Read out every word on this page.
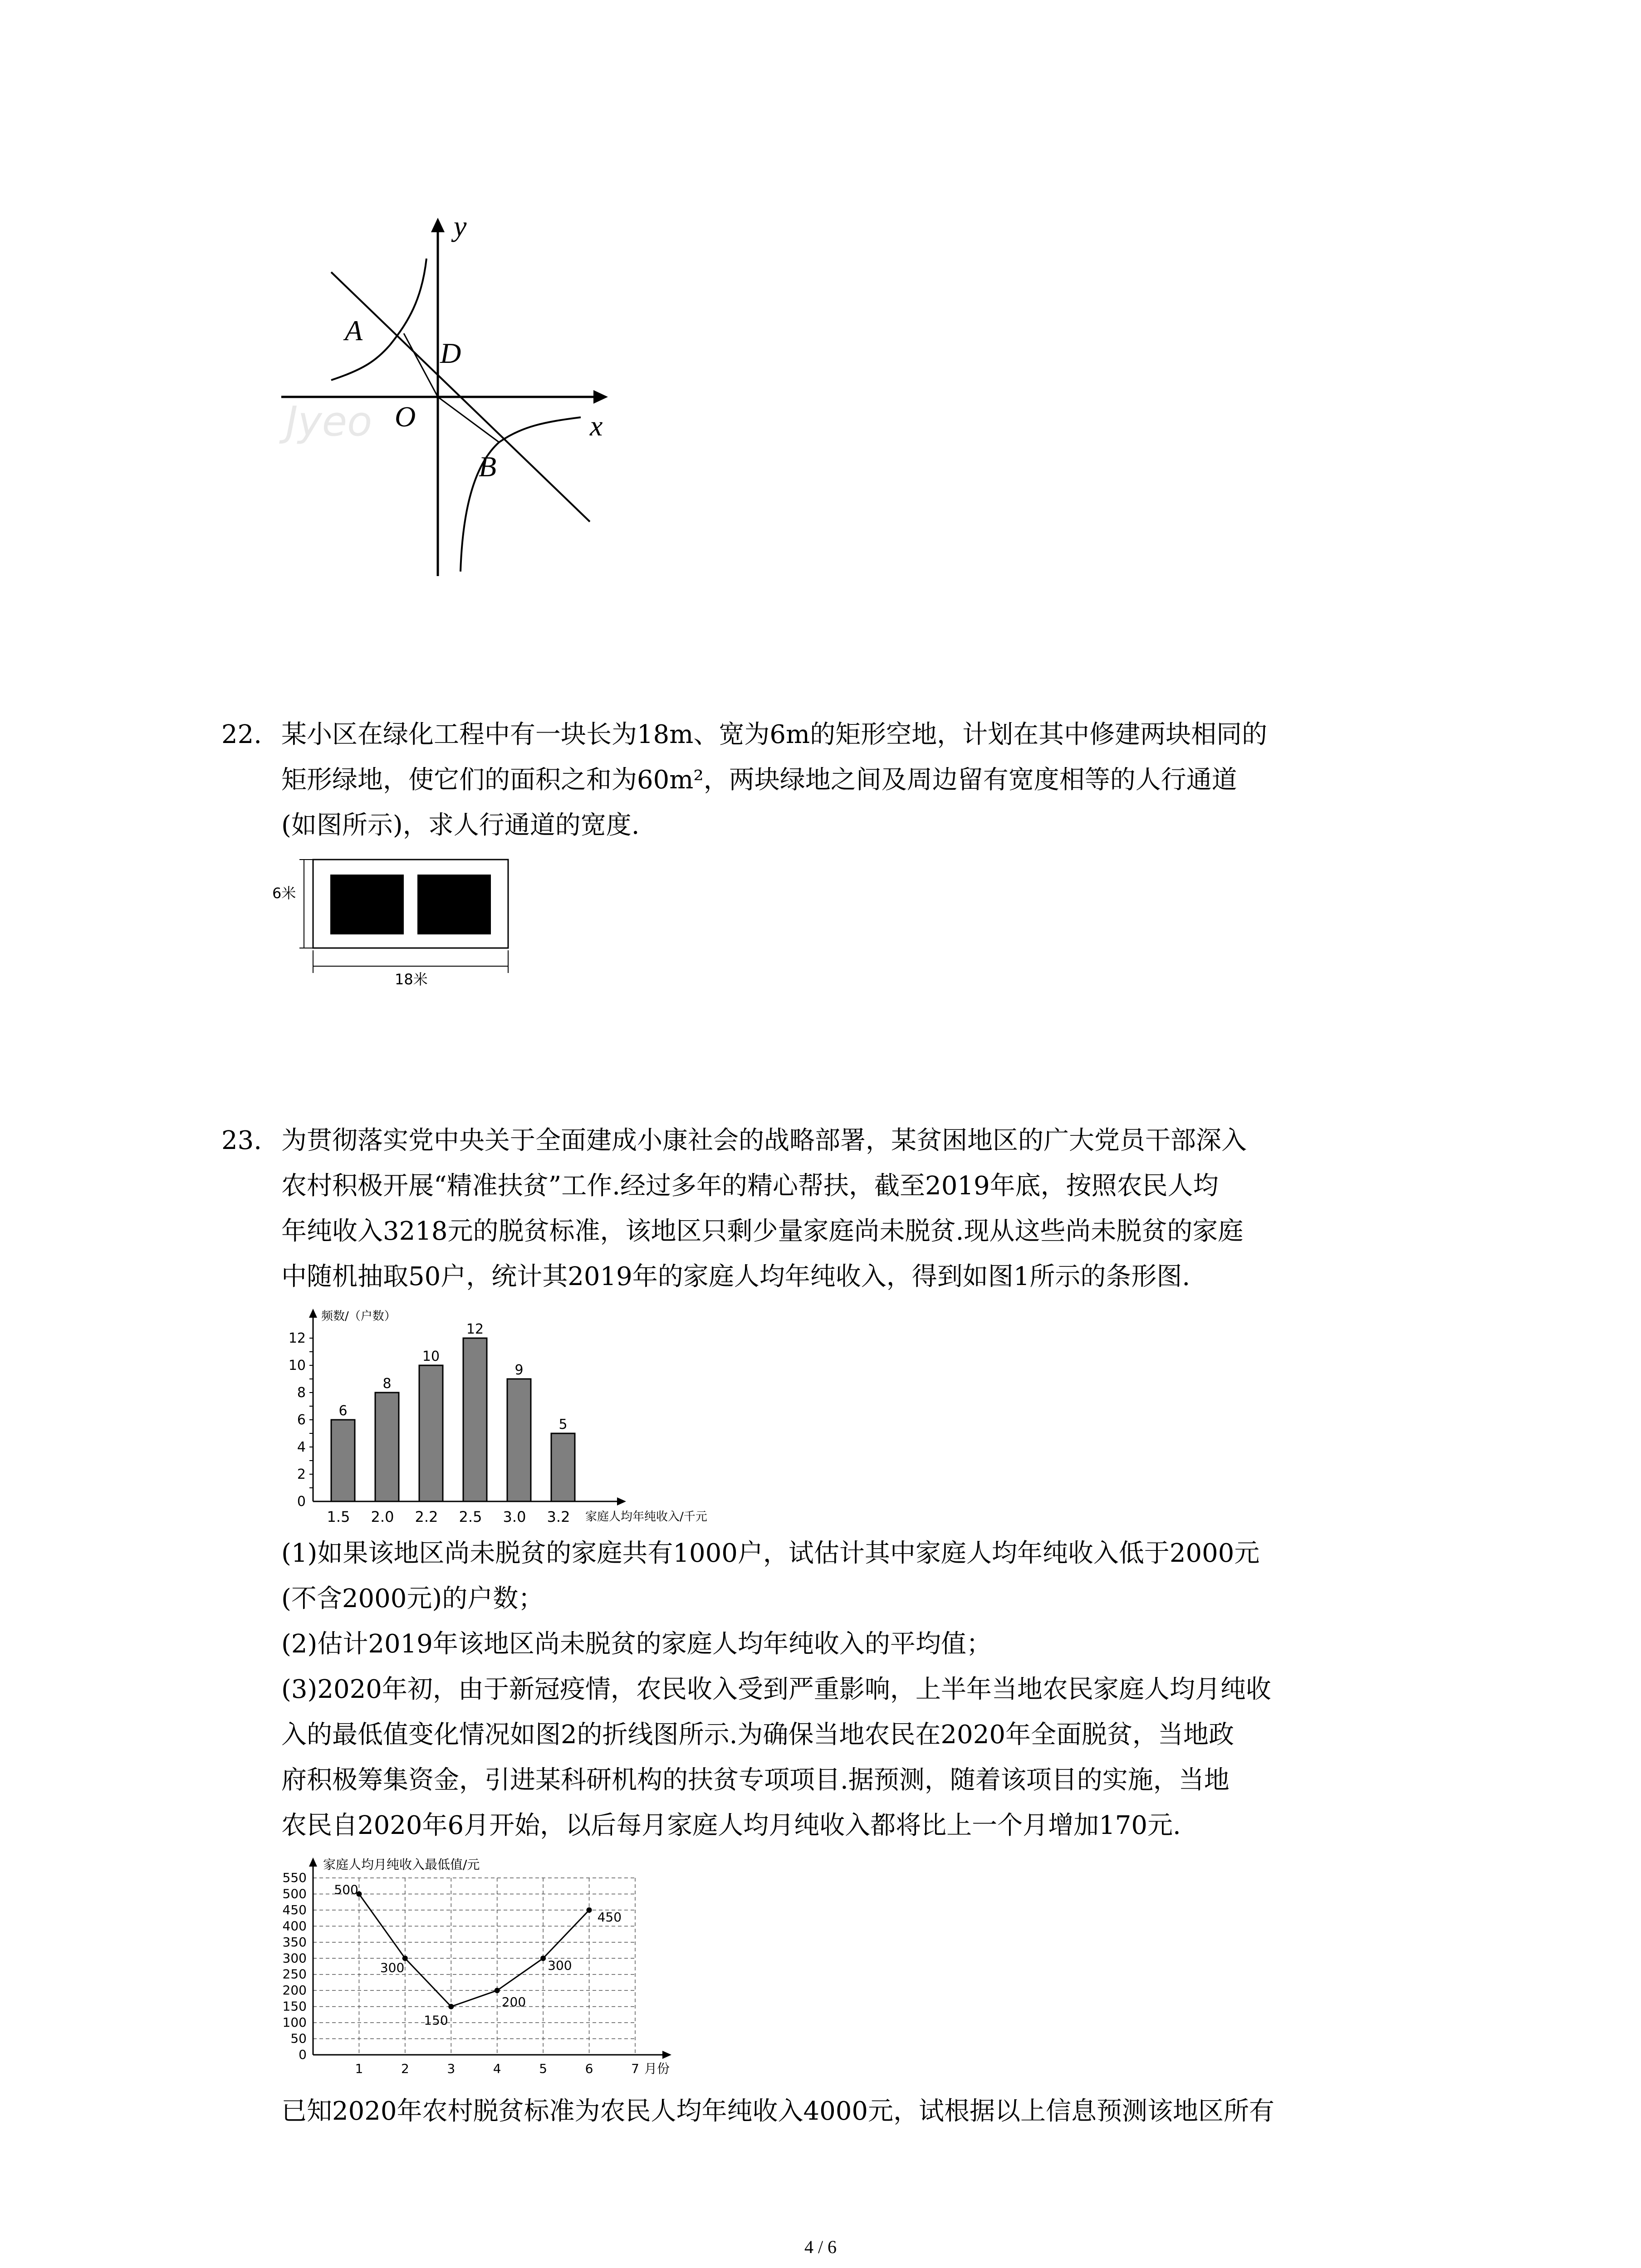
Jyeo
y
x
A
D
O
B
22. 某小区在绿化工程中有一块长为18m、宽为6m的矩形空地，计划在其中修建两块相同的
矩形绿地，使它们的面积之和为60m²，两块绿地之间及周边留有宽度相等的人行通道
(如图所示)，求人行通道的宽度.
6米
18米
23. 为贯彻落实党中央关于全面建成小康社会的战略部署，某贫困地区的广大党员干部深入
农村积极开展“精准扶贫”工作.经过多年的精心帮扶，截至2019年底，按照农民人均
年纯收入3218元的脱贫标准，该地区只剩少量家庭尚未脱贫.现从这些尚未脱贫的家庭
中随机抽取50户，统计其2019年的家庭人均年纯收入，得到如图1所示的条形图.
频数/（户数）
0
2
4
6
8
10
12
6
1.5
8
2.0
10
2.2
12
2.5
9
3.0
5
3.2 家庭人均年纯收入/千元
(1)如果该地区尚未脱贫的家庭共有1000户，试估计其中家庭人均年纯收入低于2000元
(不含2000元)的户数；
(2)估计2019年该地区尚未脱贫的家庭人均年纯收入的平均值；
(3)2020年初，由于新冠疫情，农民收入受到严重影响，上半年当地农民家庭人均月纯收
入的最低值变化情况如图2的折线图所示.为确保当地农民在2020年全面脱贫，当地政
府积极筹集资金，引进某科研机构的扶贫专项项目.据预测，随着该项目的实施，当地
农民自2020年6月开始，以后每月家庭人均月纯收入都将比上一个月增加170元.
0
50
100
150
200
250
300
350
400
450
500
550
1	2	3	4	5	6	7
家庭人均月纯收入最低值/元
月份
500
300
150
200
300
450
已知2020年农村脱贫标准为农民人均年纯收入4000元，试根据以上信息预测该地区所有
4 / 6
